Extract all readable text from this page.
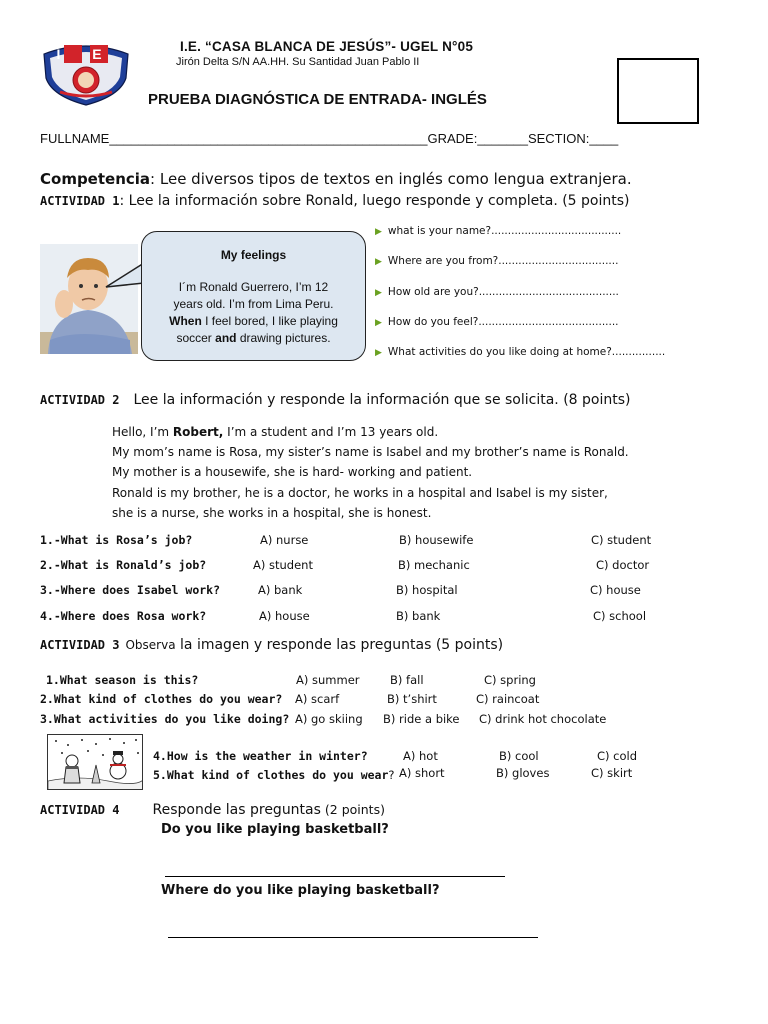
I E	I.E. “CASA BLANCA DE JESÚS”- UGEL N°05
Jirón Delta S/N AA.HH. Su Santidad Juan Pablo II
PRUEBA DIAGNÓSTICA DE ENTRADA- INGLÉS
FULLNAME____________________________________________GRADE:_______SECTION:____
Competencia: Lee diversos tipos de textos en inglés como lengua extranjera.
ACTIVIDAD 1: Lee la información sobre Ronald, luego responde y completa. (5 points)
My feelings
I´m Ronald Guerrero, I’m 12
years old. I’m from Lima Peru.
When I feel bored, I like playing
soccer and drawing pictures.
▶ what is your name?.......................................
▶ Where are you from?....................................
▶ How old are you?..........................................
▶ How do you feel?..........................................
▶ What activities do you like doing at home?................
ACTIVIDAD 2 Lee la información y responde la información que se solicita. (8 points)
Hello, I’m Robert, I’m a student and I’m 13 years old.
My mom’s name is Rosa, my sister’s name is Isabel and my brother’s name is Ronald.
My mother is a housewife, she is hard- working and patient.
Ronald is my brother, he is a doctor, he works in a hospital and Isabel is my sister,
she is a nurse, she works in a hospital, she is honest.
1.-What is Rosa’s job?	A) nurse	B) housewife	C) student
2.-What is Ronald’s job?	A) student	B) mechanic	C) doctor
3.-Where does Isabel work?	A) bank	B) hospital	C) house
4.-Where does Rosa work?	A) house	B) bank	C) school
ACTIVIDAD 3 Observa la imagen y responde las preguntas (5 points)
1.What season is this?	A) summer	B) fall	C) spring
2.What kind of clothes do you wear? A) scarf	B) t’shirt	C) raincoat
3.What activities do you like doing? A) go skiing B) ride a bike C) drink hot chocolate
4.How is the weather in winter?	A) hot	B) cool	C) cold
5.What kind of clothes do you wear? A) short	B) gloves	C) skirt
ACTIVIDAD 4 Responde las preguntas (2 points)
Do you like playing basketball?
Where do you like playing basketball?
